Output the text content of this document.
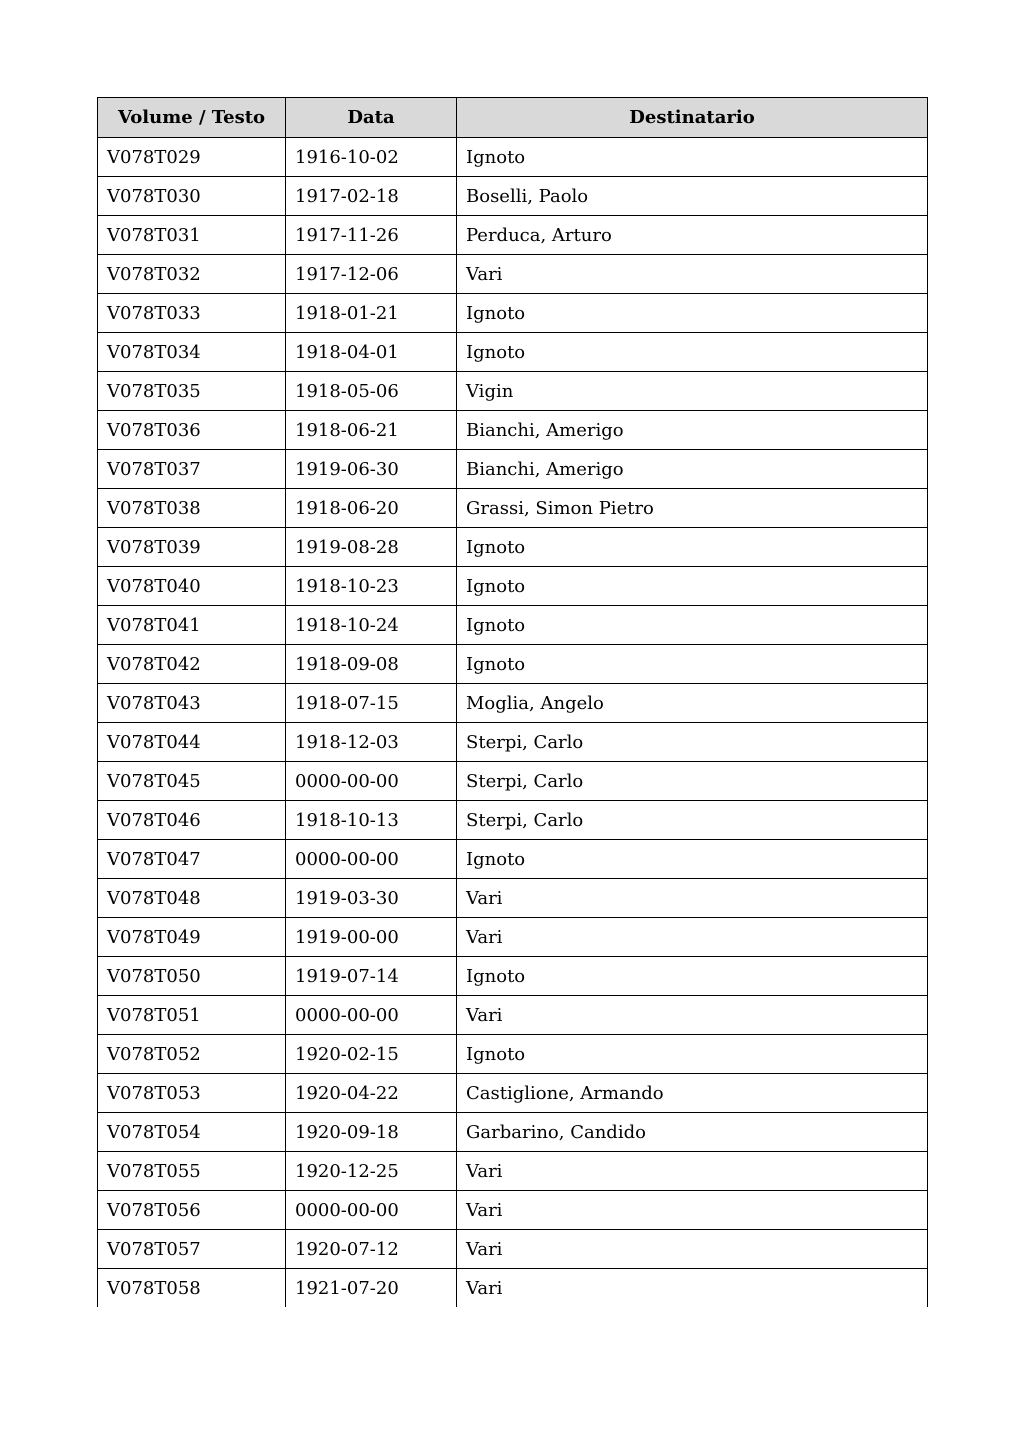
Volume / Testo	Data	Destinatario
V078T029	1916-10-02	Ignoto
V078T030	1917-02-18	Boselli, Paolo
V078T031	1917-11-26	Perduca, Arturo
V078T032	1917-12-06	Vari
V078T033	1918-01-21	Ignoto
V078T034	1918-04-01	Ignoto
V078T035	1918-05-06	Vigin
V078T036	1918-06-21	Bianchi, Amerigo
V078T037	1919-06-30	Bianchi, Amerigo
V078T038	1918-06-20	Grassi, Simon Pietro
V078T039	1919-08-28	Ignoto
V078T040	1918-10-23	Ignoto
V078T041	1918-10-24	Ignoto
V078T042	1918-09-08	Ignoto
V078T043	1918-07-15	Moglia, Angelo
V078T044	1918-12-03	Sterpi, Carlo
V078T045	0000-00-00	Sterpi, Carlo
V078T046	1918-10-13	Sterpi, Carlo
V078T047	0000-00-00	Ignoto
V078T048	1919-03-30	Vari
V078T049	1919-00-00	Vari
V078T050	1919-07-14	Ignoto
V078T051	0000-00-00	Vari
V078T052	1920-02-15	Ignoto
V078T053	1920-04-22	Castiglione, Armando
V078T054	1920-09-18	Garbarino, Candido
V078T055	1920-12-25	Vari
V078T056	0000-00-00	Vari
V078T057	1920-07-12	Vari
V078T058	1921-07-20	Vari
